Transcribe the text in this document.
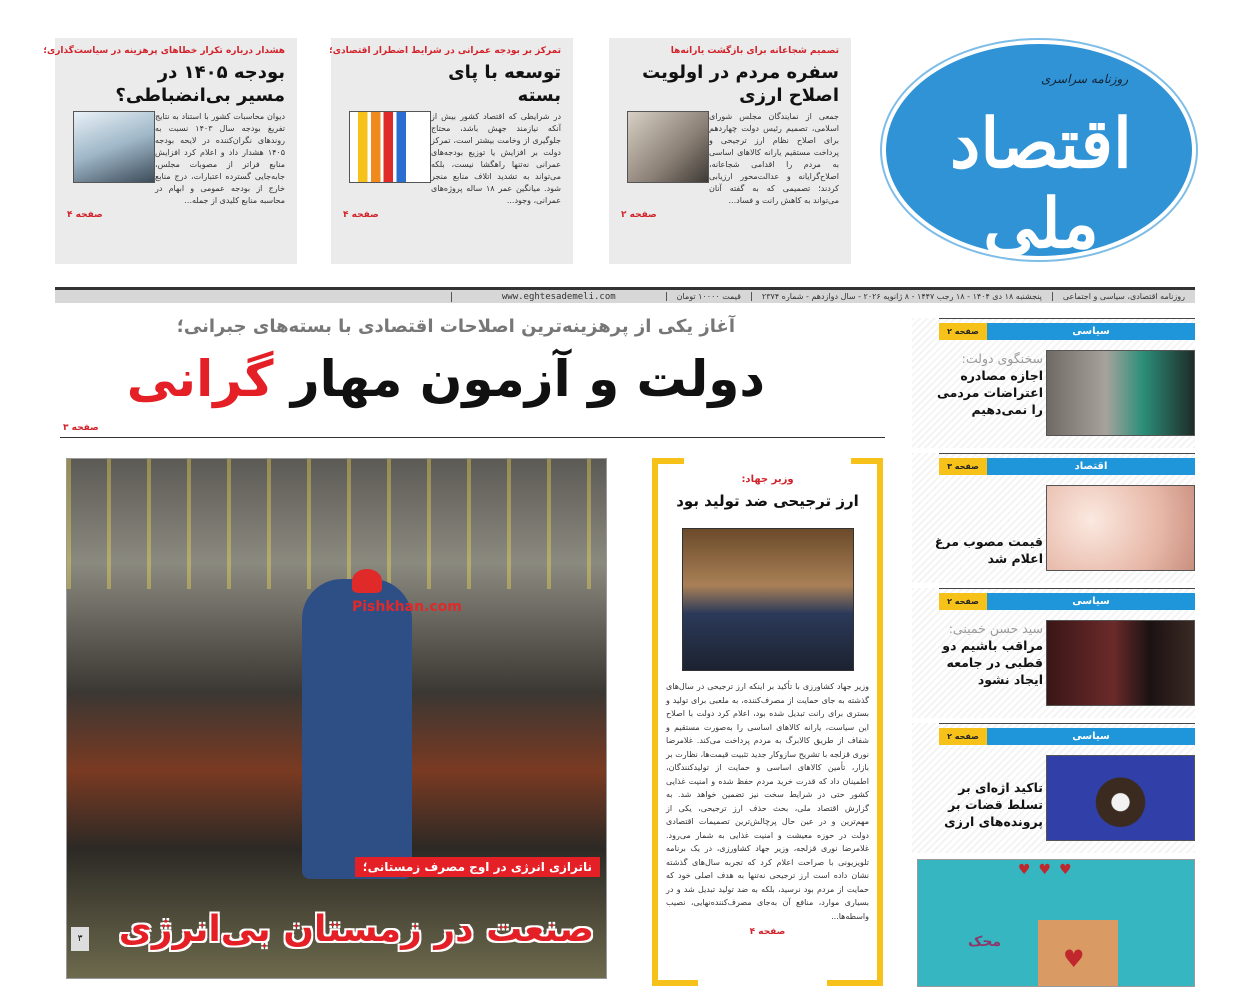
تصمیم شجاعانه برای بازگشت یارانه‌ها
سفره مردم در اولویت اصلاح ارزی
جمعی از نمایندگان مجلس شورای اسلامی، تصمیم رئیس دولت چهاردهم برای اصلاح نظام ارز ترجیحی و پرداخت مستقیم یارانه کالاهای اساسی به مردم را اقدامی شجاعانه، اصلاح‌گرایانه و عدالت‌محور ارزیابی کردند؛ تصمیمی که به گفته آنان می‌تواند به کاهش رانت و فساد...
صفحه ۲
تمرکز بر بودجه عمرانی در شرایط اضطرار اقتصادی؛
توسعه با پای بسته
در شرایطی که اقتصاد کشور بیش از آنکه نیازمند جهش باشد، محتاج جلوگیری از وخامت بیشتر است، تمرکز دولت بر افزایش یا توزیع بودجه‌های عمرانی نه‌تنها راهگشا نیست، بلکه می‌تواند به تشدید اتلاف منابع منجر شود. میانگین عمر ۱۸ ساله پروژه‌های عمرانی، وجود...
صفحه ۴
هشدار درباره تکرار خطاهای پرهزینه در سیاست‌گذاری؛
بودجه ۱۴۰۵ در مسیر بی‌انضباطی؟
دیوان محاسبات کشور با استناد به نتایج تفریغ بودجه سال ۱۴۰۳ نسبت به روندهای نگران‌کننده در لایحه بودجه ۱۴۰۵ هشدار داد و اعلام کرد افزایش منابع فراتر از مصوبات مجلس، جابه‌جایی گسترده اعتبارات، درج منابع خارج از بودجه عمومی و ابهام در محاسبه منابع کلیدی از جمله...
صفحه ۴
روزنامه سراسری
اقتصاد ملی
روزنامه اقتصادی، سیاسی و اجتماعی
پنجشنبه ۱۸ دی ۱۴۰۴ - ۱۸ رجب ۱۴۴۷ - ۸ ژانویه ۲۰۲۶ - سال دوازدهم - شماره ۲۳۷۴
قیمت ۱۰۰۰۰ تومان
www.eghtesademeli.com
آغاز یکی از پرهزینه‌ترین اصلاحات اقتصادی با بسته‌های جبرانی؛
دولت و آزمون مهار گرانی
صفحه ۳
Pishkhan.com
ناترازی انرژی در اوج مصرف زمستانی؛
صنعت در زمستان بی‌انرژی
۳
وزیر جهاد:
ارز ترجیحی ضد تولید بود
وزیر جهاد کشاورزی با تأکید بر اینکه ارز ترجیحی در سال‌های گذشته به جای حمایت از مصرف‌کننده، به ملعبی برای تولید و بستری برای رانت تبدیل شده بود، اعلام کرد دولت با اصلاح این سیاست، یارانه کالاهای اساسی را به‌صورت مستقیم و شفاف از طریق کالابرگ به مردم پرداخت می‌کند. غلامرضا نوری قزلجه با تشریح سازوکار جدید تثبیت قیمت‌ها، نظارت بر بازار، تأمین کالاهای اساسی و حمایت از تولیدکنندگان، اطمینان داد که قدرت خرید مردم حفظ شده و امنیت غذایی کشور حتی در شرایط سخت نیز تضمین خواهد شد. به گزارش اقتصاد ملی، بحث حذف ارز ترجیحی، یکی از مهم‌ترین و در عین حال پرچالش‌ترین تصمیمات اقتصادی دولت در حوزه معیشت و امنیت غذایی به شمار می‌رود. غلامرضا نوری قزلجه، وزیر جهاد کشاورزی، در یک برنامه تلویزیونی با صراحت اعلام کرد که تجربه سال‌های گذشته نشان داده است ارز ترجیحی نه‌تنها به هدف اصلی خود که حمایت از مردم بود نرسید، بلکه به ضد تولید تبدیل شد و در بسیاری موارد، منافع آن به‌جای مصرف‌کننده‌نهایی، نصیب واسطه‌ها...
صفحه ۴
سیاسی
صفحه ۲
سخنگوی دولت:
اجازه مصادره اعتراضات مردمی را نمی‌دهیم
اقتصاد
صفحه ۳
قیمت مصوب مرغ اعلام شد
سیاسی
صفحه ۲
سید حسن خمینی:
مراقب باشیم دو قطبی در جامعه ایجاد نشود
سیاسی
صفحه ۲
تاکید اژه‌ای بر تسلط قضات بر پرونده‌های ارزی
♥
♥♥♥
محک
